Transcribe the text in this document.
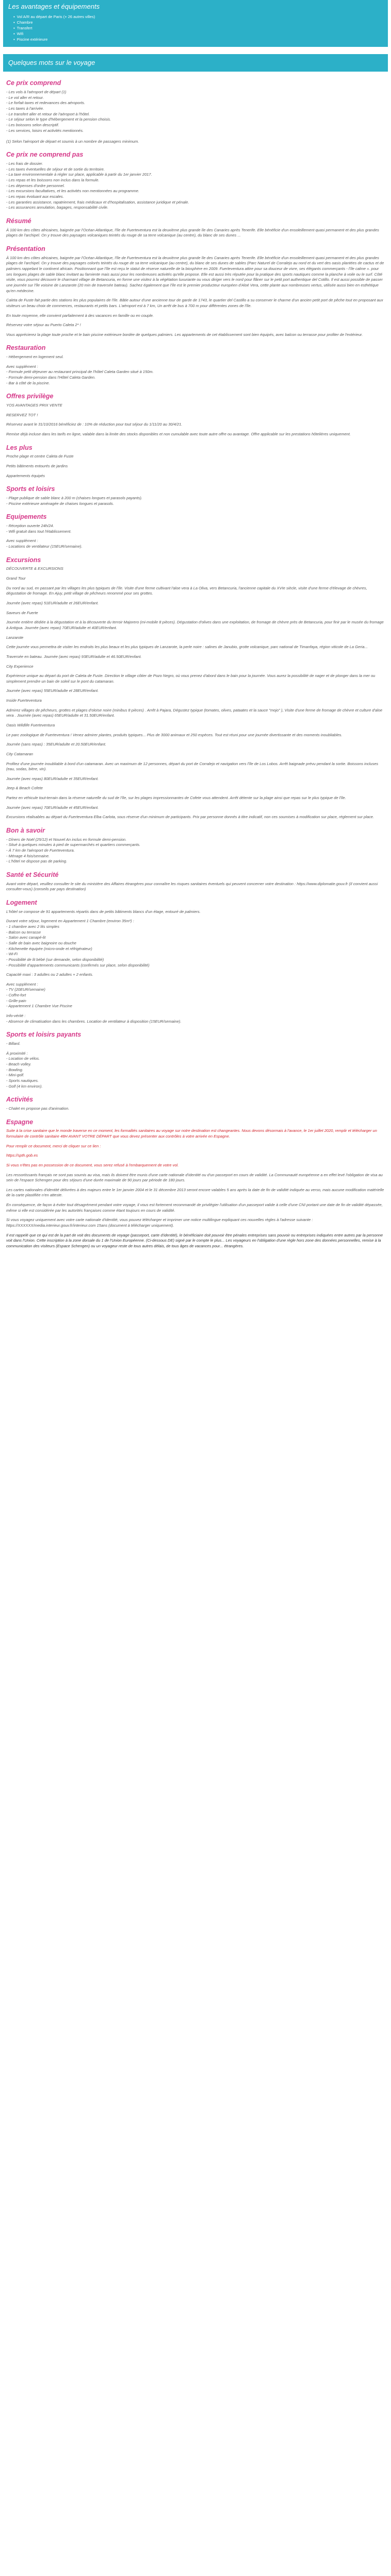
Les avantages et équipements
▪ Vol A/R au départ de Paris (+ 26 autres villes)
▪ Chambre
▪ Transfert
▪ Wifi
▪ Piscine extérieure
Quelques mots sur le voyage
Ce prix comprend

- Les vols à l'aéroport de départ (1)

- Le vol aller et retour.

- Le forfait taxes et redevances des aéroports.

- Les taxes à l'arrivée.

- Le transfert aller et retour de l'aéroport à l'hôtel.

- Le séjour selon le type d'hébergement et la pension choisis.

- Les boissons selon descriptif.

- Les services, loisirs et activités mentionnés.

(1) Selon l'aéroport de départ et soumis à un nombre de passagers minimum.

Ce prix ne comprend pas

- Les frais de dossier.

- Les taxes éventuelles de séjour et de sortie du territoire.

- La taxe environnementale à régler sur place, applicable à partir du 1er janvier 2017.

- Les repas et les boissons non inclus dans la formule.

- Les dépenses d'ordre personnel.

- Les excursions facultatives, et les activités non mentionnées au programme.

- Les repas évoluant aux escales.

- Les garanties assistance, rapatriement, frais médicaux et d'hospitalisation, assistance juridique et pénale.

- Les assurances annulation, bagages, responsabilité civile.

Résumé

À 100 km des côtes africaines, baignée par l'Océan Atlantique, l'île de Fuerteventura est la deuxième plus grande île des Canaries après Tenerife. Elle bénéficie d'un ensoleillement quasi permanent et des plus grandes plages de l'archipel. On y trouve des paysages volcaniques teintés du rouge de sa terre volcanique (au centre), du blanc de ses dunes ...

Présentation

À 100 km des côtes africaines, baignée par l'Océan Atlantique, l'île de Fuerteventura est la deuxième plus grande île des Canaries après Tenerife. Elle bénéficie d'un ensoleillement quasi permanent et des plus grandes plages de l'archipel. On y trouve des paysages colorés teintés du rouge de sa terre volcanique (au centre), du blanc de ses dunes de sables (Parc Naturel de Corralejo au nord et du vert des oasis plantées de cactus et de palmiers rappelant le continent africain. Positionnant que l'île est reçu le statut de réserve naturelle de la biosphère en 2009. Fuerteventura attire pour sa douceur de vivre, ses élégants commerçants - l'île calme ». pour ses longues plages de sable blanc invitant au farniente mais aussi pour les nombreuses activités qu'elle propose. Elle est aussi très réputée pour la pratique des sports nautiques comme la planche à voile ou le surf. Côté visite, vous pourrez découvrir le charmant village de Betancuria, en forme une visitez à la végétation luxuriante ou vous diriger vers le nord pour flâner sur le petit port authentique del Cotillo. Il est aussi possible de passer une journée sur l'île voisine de Lanzarote (20 min de traversée bateau). Sachez également que l'île est le premier producteur européen d'Aloé Vera, cette plante aux nombreuses vertus, utilisée aussi bien en esthétique qu'en médecine.

Caleta de Fuste fait partie des stations les plus populaires de l'île. Bâtie autour d'une ancienne tour de garde de 1743, le quartier del Castillo a su conserver le charme d'un ancien petit port de pêche tout en proposant aux visiteurs un beau choix de commerces, restaurants et petits bars. L'aéroport est à 7 km, Un arrêt de bus à 700 m pour différentes zones de l'île.

En toute moyenne, elle convient parfaitement à des vacances en famille ou en couple.

Réservez votre séjour au Puerto Caleta 2* !

Vous apprécierez la plage toute proche et le bain piscine extérieure bordée de quelques palmiers. Les appartements de cet établissement sont bien équipés, avec balcon ou terrasse pour profiter de l'extérieur.

Restauration

- Hébergement en logement seul.

Avec supplément :

- Formule petit déjeuner au restaurant principal de l'hôtel Caleta Garden situé à 150m.

- Formule demi-pension dans l'Hôtel Caleta Garden.

- Bar à côté de la piscine.

Offres privilège

YOS AVANTAGES PRIX VENTE

RESERVEZ TOT !

Réservez avant le 31/10/2016 bénéficiez de : 10% de réduction pour tout séjour du 1/11/20 au 30/4/21.

Remise déjà incluse dans les tarifs en ligne, valable dans la limite des stocks disponibles et non cumulable avec toute autre offre ou avantage. Offre applicable sur les prestations hôtelières uniquement.

Les plus

Proche plage et centre Caleta de Fuste

Petits bâtiments entourés de jardins

Appartements équipés

Sports et loisirs

- Plage publique de sable blanc à 200 m (chaises longues et parasols payants).

- Piscine extérieure aménagée de chaises longues et parasols.

Equipements

- Réception ouverte 24h/24.

- Wifi gratuit dans tout l'établissement.

Avec supplément :

- Locations de ventilateur (15EUR/semaine).

Excursions

DÉCOUVERTE & EXCURSIONS

Grand Tour

Du nord au sud, en passant par les villages les plus typiques de l'île. Visite d'une ferme cultivant l'aloe vera à La Oliva, vers Betancuria, l'ancienne capitale du XVIe siècle, visite d'une ferme d'élevage de chèvres, dégustation de fromage. En Ajuy, petit village de pêcheurs renommé pour ses grottes.

Journée (avec repas) 51EUR/adulte et 26EUR/enfant.

Saveurs de Fuerte

Journée entière dédiée à la dégustation et à la découverte du terroir Majorero (mi-mobile 8 pièces). Dégustation d'olives dans une exploitation, de fromage de chèvre près de Betancuria, pour finir par le musée du fromage à Antigua. Journée (avec repas) 70EUR/adulte et 40EUR/enfant.

Lanzarote

Cette journée vous permettra de visiter les endroits les plus beaux et les plus typiques de Lanzarote, la perle noire : salines de Janubio, grotte volcanique, parc national de Timanfaya, région viticole de La Geria...

Traversée en bateau. Journée (avec repas) 93EUR/adulte et 46.50EUR/enfant.

City Experience

Expérience unique au départ du port de Caleta de Fuste. Direction le village côtier de Pozo Negro, où vous prenez d'abord dans le bain pour la journée. Vous aurez la possibilité de nager et de plonger dans la mer ou simplement prendre un bain de soleil sur le pont du catamaran.

Journée (avec repas) 55EUR/adulte et 28EUR/enfant.

Inside Fuerteventura

Admirez villages de pêcheurs, grottes et plages d'oloïse noire (minibus 8 pièces) . Arrêt à Pajara, Dégustez typique (tomates, olives, pataates et la sauce "mojo" ), Visite d'une ferme de fromage de chèvre et culture d'aloe vera . Journée (avec repas) 65EUR/adulte et 31.50EUR/enfant.

Oasis Wildlife Fuerteventura

Le parc zoologique de Fuerteventura ! Venez admirer plantes, produits typiques... Plus de 3000 animaux et 250 espèces. Tout est réuni pour une journée divertissante et des moments inoubliables.

Journée (sans repas) : 35EUR/adulte et 20.50EUR/enfant.

City Catamaran

Profitez d'une journée inoubliable à bord d'un catamaran. Avec un maximum de 12 personnes, départ du port de Corralejo et navigation vers l'île de Los Lobos. Arrêt baignade prévu pendant la sortie. Boissons incluses (eau, sodas, bière, vin).

Journée (avec repas) 80EUR/adulte et 35EUR/enfant.

Jeep & Beach Cofete

Partez en véhicule tout-terrain dans la réserve naturelle du sud de l'île, sur les plages impressionnantes de Cofete vous attendent. Arrêt détente sur la plage ainsi que repas sur le plus typique de l'île.

Journée (avec repas) 70EUR/adulte et 45EUR/enfant.

Excursions réalisables au départ du Fuerteventura Elba Carlota, sous réserve d'un minimum de participants. Prix par personne donnés à titre indicatif, non ces soumises à modification sur place, réglement sur place.

Bon à savoir

- Dîners de Noël (25/12) et Nouvel An inclus en formule demi-pension.

- Situé à quelques minutes à pied de supermarchés et quartiers commerçants.

- À 7 km de l'aéroport de Fuerteventura.

- Ménage 4 fois/semaine.

- L'hôtel ne dispose pas de parking.

Santé et Sécurité

Avant votre départ, veuillez consulter le site du ministère des Affaires étrangères pour connaître les risques sanitaires éventuels qui peuvent concerner votre destination : https://www.diplomatie.gouv.fr (Il convient aussi consulter-vous) (conseils par pays destination)

Logement

L'hôtel se compose de 91 appartements répartis dans de petits bâtiments blancs d'un étage, entouré de palmiers.

Durant votre séjour, logement en Appartement 1 Chambre (environ 35m²) :

- 1 chambre avec 2 lits simples

- Balcon ou terrasse

- Salon avec canapé-lit

- Salle de bain avec baignoire ou douche

- Kitchenette équipée (micro-onde et réfrigérateur)

- Wi-Fi

- Possibilité de lit bébé (sur demande, selon disponibilité)

- Possibilité d'appartements communicants (confirmés sur place, selon disponibilité)

Capacité maxi : 3 adultes ou 2 adultes + 2 enfants.

Avec supplément :

- TV (20EUR/semaine)

- Coffre-fort

- Grille-pain

- Appartement 1 Chambre Vue Piscine

Info-vérité :

- Absence de climatisation dans les chambres. Location de ventilateur à disposition (15EUR/semaine).

Sports et loisirs payants

- Billard.

À proximité :

- Location de vélos.

- Beach volley.

- Bowling.

- Mini-golf.

- Sports nautiques.

- Golf (4 km environ).

Activités

- Chalet en propose pas d'animation.

Espagne

Suite à la crise sanitaire que le monde traverse en ce moment, les formalités sanitaires au voyage sur notre destination est changeantes. Nous devons désormais à l'avance, le 1er juillet 2020, remplir et télécharger un formulaire de contrôle sanitaire 48H AVANT VOTRE DÉPART que vous devez présenter aux contrôles à votre arrivée en Espagne.

Pour remplir ce document, merci de cliquer sur ce lien :

https://spth.gob.es

Si vous n'êtes pas en possession de ce document, vous serez refusé à l'embarquement de votre vol.

Les ressortissants français ne sont pas soumis au visa, mais ils doivent être munis d'une carte nationale d'identité ou d'un passeport en cours de validité. La Communauté européenne a en effet levé l'obligation de visa au sein de l'espace Schengen pour des séjours d'une durée maximale de 90 jours par période de 180 jours.

Les cartes nationales d'identité délivrées à des majeurs entre le 1er janvier 2004 et le 31 décembre 2013 seront encore valables 5 ans après la date de fin de validité indiquée au verso, mais aucune modification matérielle de la carte plastifiée n'en atteste.

En conséquence, de façon à éviter tout désagrément pendant votre voyage, il vous est fortement recommandé de privilégier l'utilisation d'un passeport valide à celle d'une CNI portant une date de fin de validité dépassée, même si elle est considérée par les autorités françaises comme étant toujours en cours de validité.

Si vous voyagez uniquement avec votre carte nationale d'identité, vous pouvez télécharger et imprimer une notice multilingue expliquant ces nouvelles règles à l'adresse suivante : https://XXXXXX/media.interieur.gouv.fr/interieur.com 15ans (document à télécharger uniquement).

Il est rappelé que ce qui est de la part de voit des documents de voyage (passeport, carte d'identité), le bénéficiaire doit pouvoir être pénales entreprises sans pouvoir ou entreprises indiquées entre autres par la personne voit dans l'Union. Cette inscription à la zone dorsale du 1 de l'Union Européenne. (Ci-dessous DE) signé par le compte le plus... Les voyageurs en l'obligation d'une règle hors zone des données personnelles, remise à la communication des visiteurs (Espace Schengen) ou un voyageur reste de tous autres délais, de tous âges de vacances pour... étrangères.
